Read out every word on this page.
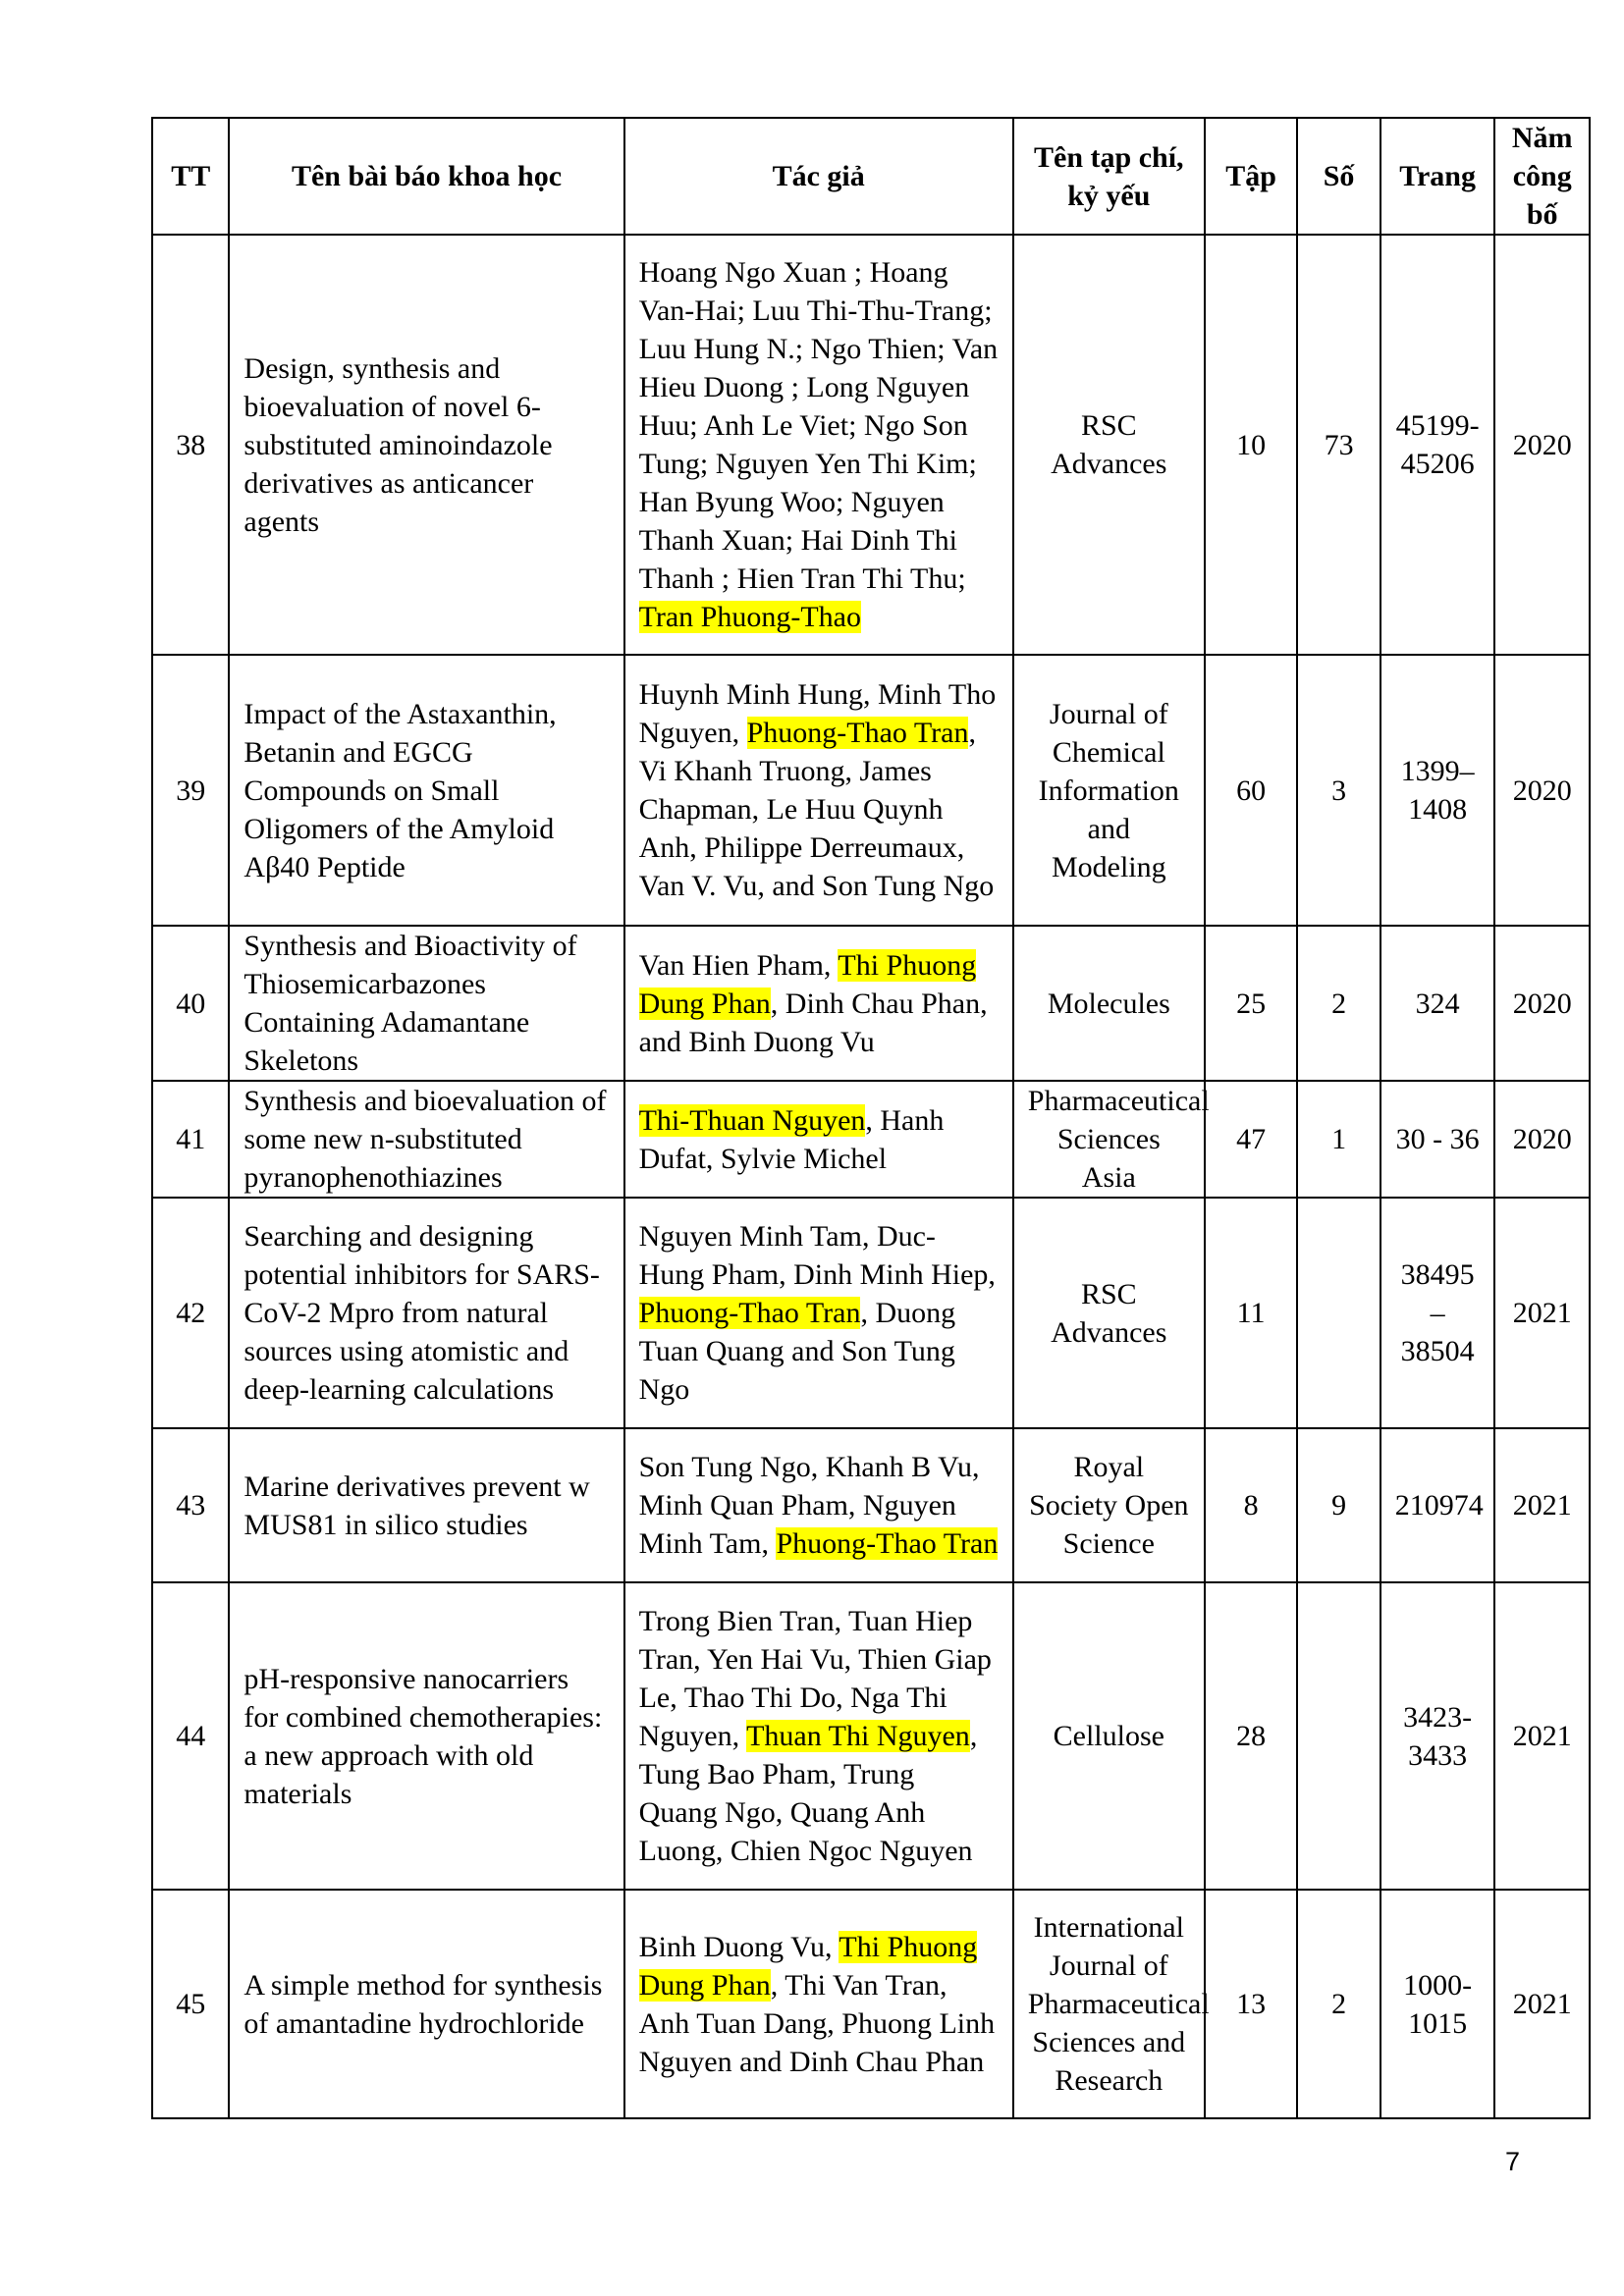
TT	Tên bài báo khoa học	Tác giả	Tên tạp chí, kỷ yếu	Tập	Số	Trang	Năm công bố
38	Design, synthesis and bioevaluation of novel 6-substituted aminoindazole derivatives as anticancer agents	Hoang Ngo Xuan ; Hoang Van-Hai; Luu Thi-Thu-Trang; Luu Hung N.; Ngo Thien; Van Hieu Duong ; Long Nguyen Huu; Anh Le Viet; Ngo Son Tung; Nguyen Yen Thi Kim; Han Byung Woo; Nguyen Thanh Xuan; Hai Dinh Thi Thanh ; Hien Tran Thi Thu; Tran Phuong-Thao	RSC Advances	10	73	45199-45206	2020
39	Impact of the Astaxanthin, Betanin and EGCG Compounds on Small Oligomers of the Amyloid Aβ40 Peptide	Huynh Minh Hung, Minh Tho Nguyen, Phuong-Thao Tran, Vi Khanh Truong, James Chapman, Le Huu Quynh Anh, Philippe Derreumaux, Van V. Vu, and Son Tung Ngo	Journal of Chemical Information and Modeling	60	3	1399–1408	2020
40	Synthesis and Bioactivity of Thiosemicarbazones Containing Adamantane Skeletons	Van Hien Pham, Thi Phuong Dung Phan, Dinh Chau Phan, and Binh Duong Vu	Molecules	25	2	324	2020
41	Synthesis and bioevaluation of some new n-substituted pyranophenothiazines	Thi-Thuan Nguyen, Hanh Dufat, Sylvie Michel	Pharmaceutical Sciences Asia	47	1	30 - 36	2020
42	Searching and designing potential inhibitors for SARS-CoV-2 Mpro from natural sources using atomistic and deep-learning calculations	Nguyen Minh Tam, Duc-Hung Pham, Dinh Minh Hiep, Phuong-Thao Tran, Duong Tuan Quang and Son Tung Ngo	RSC Advances	11		38495 – 38504	2021
43	Marine derivatives prevent w MUS81 in silico studies	Son Tung Ngo, Khanh B Vu, Minh Quan Pham, Nguyen Minh Tam, Phuong-Thao Tran	Royal Society Open Science	8	9	210974	2021
44	pH-responsive nanocarriers for combined chemotherapies: a new approach with old materials	Trong Bien Tran, Tuan Hiep Tran, Yen Hai Vu, Thien Giap Le, Thao Thi Do, Nga Thi Nguyen, Thuan Thi Nguyen, Tung Bao Pham, Trung Quang Ngo, Quang Anh Luong, Chien Ngoc Nguyen	Cellulose	28		3423-3433	2021
45	A simple method for synthesis of amantadine hydrochloride	Binh Duong Vu, Thi Phuong Dung Phan, Thi Van Tran, Anh Tuan Dang, Phuong Linh Nguyen and Dinh Chau Phan	International Journal of Pharmaceutical Sciences and Research	13	2	1000-1015	2021
7
